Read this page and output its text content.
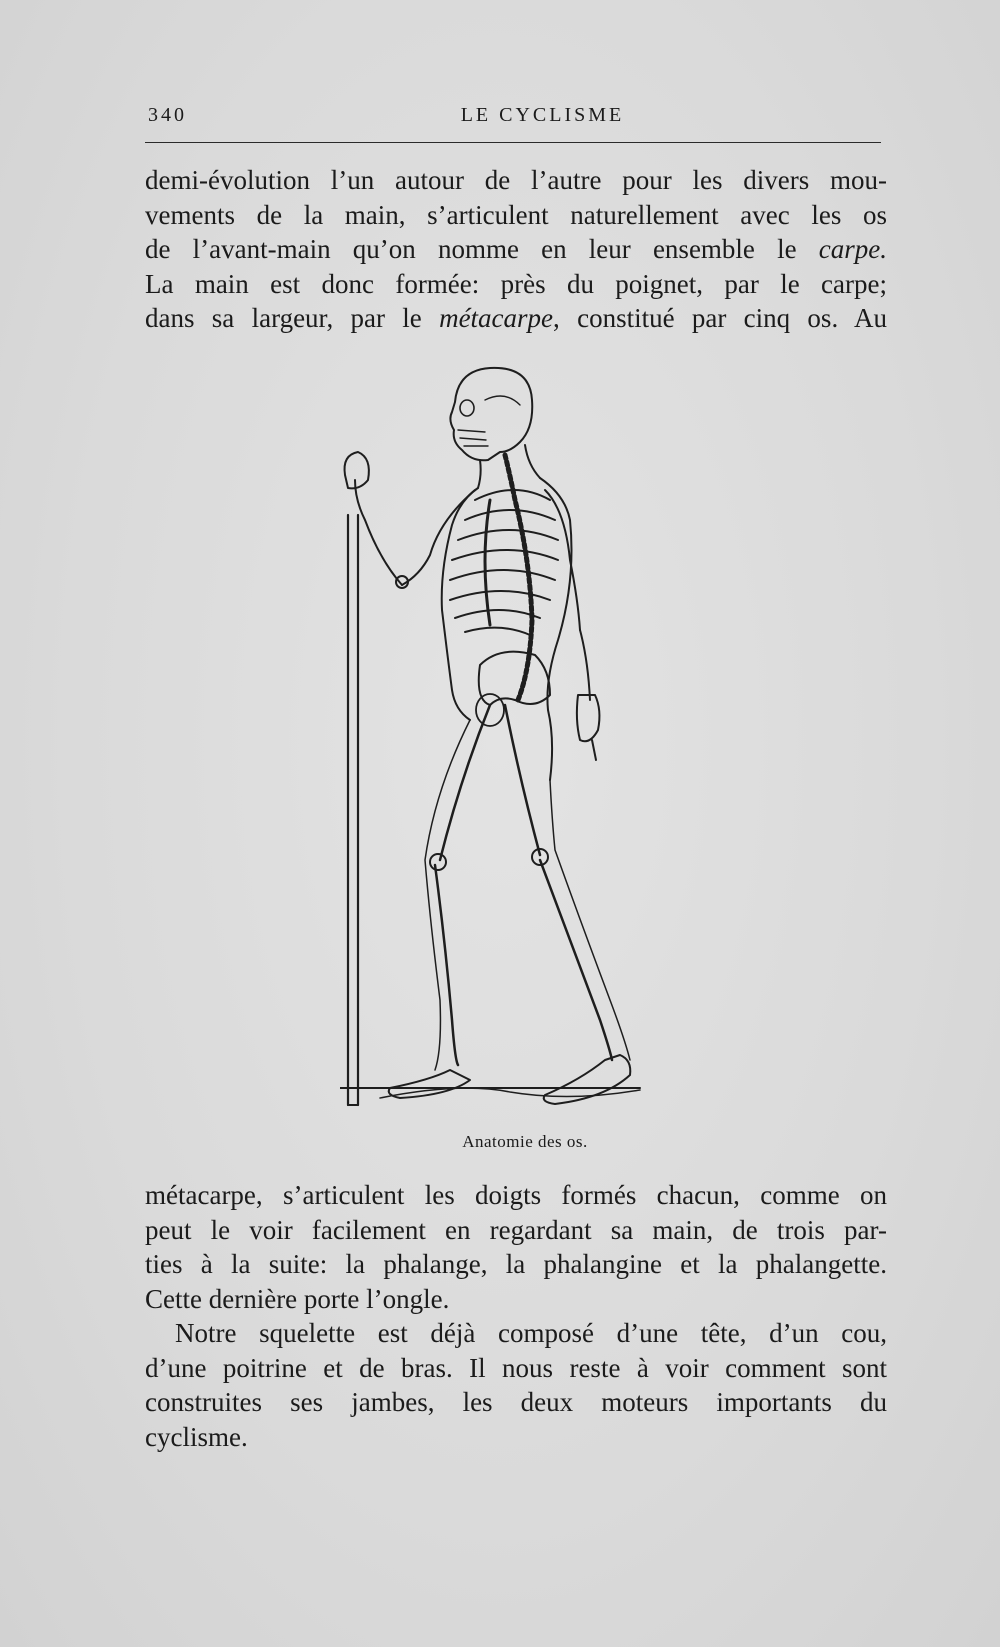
340	LE CYCLISME

demi-évolution l’un autour de l’autre pour les divers mou-

vements de la main, s’articulent naturellement avec les os

de l’avant-main qu’on nomme en leur ensemble le carpe.

La main est donc formée: près du poignet, par le carpe;

dans sa largeur, par le métacarpe, constitué par cinq os. Au

Anatomie des os.

métacarpe, s’articulent les doigts formés chacun, comme on

peut le voir facilement en regardant sa main, de trois par-

ties à la suite: la phalange, la phalangine et la phalangette.

Cette dernière porte l’ongle.

Notre squelette est déjà composé d’une tête, d’un cou,

d’une poitrine et de bras. Il nous reste à voir comment sont

construites ses jambes, les deux moteurs importants du

cyclisme.
